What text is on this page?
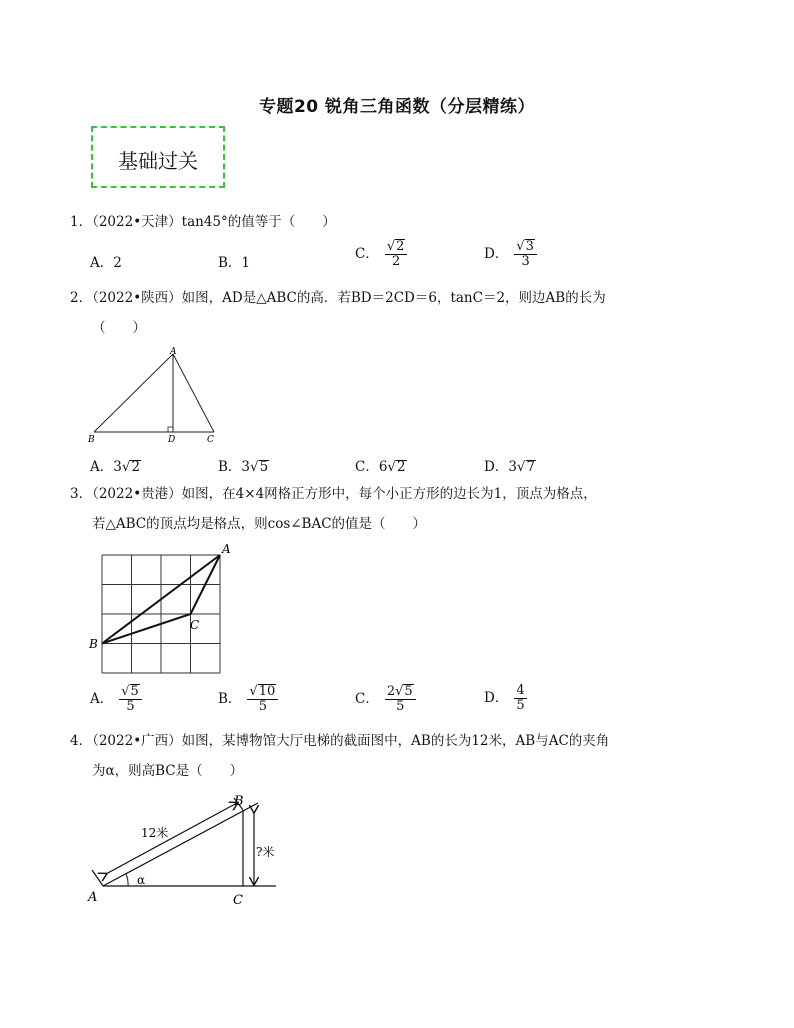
专题20 锐角三角函数（分层精练）
基础过关
1．（2022•天津）tan45°的值等于（　　）
A．2	B．1
C． $\frac{√2}{2}$	D． $\frac{√3}{3}$
2．（2022•陕西）如图，AD是△ABC的高．若BD＝2CD＝6，tanC＝2，则边AB的长为
（　　）
A
B	D	C
A．3√2	B．3√5	C．6√2	D．3√7
3．（2022•贵港）如图，在4×4网格正方形中，每个小正方形的边长为1，顶点为格点，
若△ABC的顶点均是格点，则cos∠BAC的值是（　　）
A
B
C
A． $\frac{√5}{5}$	B． $\frac{√10}{5}$	C． $\frac{2√5}{5}$	D． $\frac{4}{5}$
4．（2022•广西）如图，某博物馆大厅电梯的截面图中，AB的长为12米，AB与AC的夹角
为α，则高BC是（　　）
A
B
C
α
12米
?米
